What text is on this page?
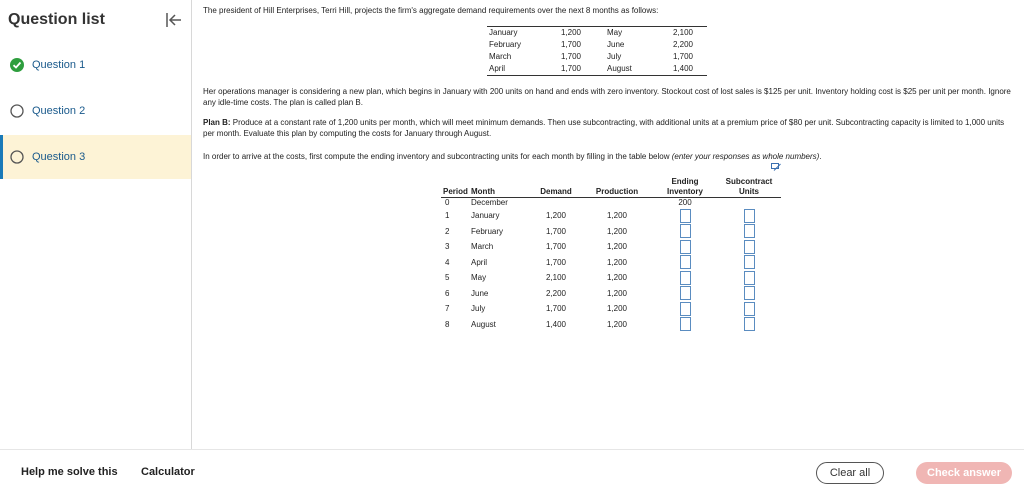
Question list
Question 1
Question 2
Question 3
The president of Hill Enterprises, Terri Hill, projects the firm's aggregate demand requirements over the next 8 months as follows:
January	1,200	May	2,100
February	1,700	June	2,200
March	1,700	July	1,700
April	1,700	August	1,400
Her operations manager is considering a new plan, which begins in January with 200 units on hand and ends with zero inventory. Stockout cost of lost sales is $125 per unit. Inventory holding cost is $25 per unit per month. Ignore any idle-time costs. The plan is called plan B.
Plan B: Produce at a constant rate of 1,200 units per month, which will meet minimum demands. Then use subcontracting, with additional units at a premium price of $80 per unit. Subcontracting capacity is limited to 1,000 units per month. Evaluate this plan by computing the costs for January through August.
In order to arrive at the costs, first compute the ending inventory and subcontracting units for each month by filling in the table below (enter your responses as whole numbers).
Period	Month	Demand	Production	Ending
Inventory	Subcontract
Units
0	December			200	
1	January	1,200	1,200		
2	February	1,700	1,200		
3	March	1,700	1,200		
4	April	1,700	1,200		
5	May	2,100	1,200		
6	June	2,200	1,200		
7	July	1,700	1,200		
8	August	1,400	1,200		
Help me solve this Calculator	Clear all	Check answer
